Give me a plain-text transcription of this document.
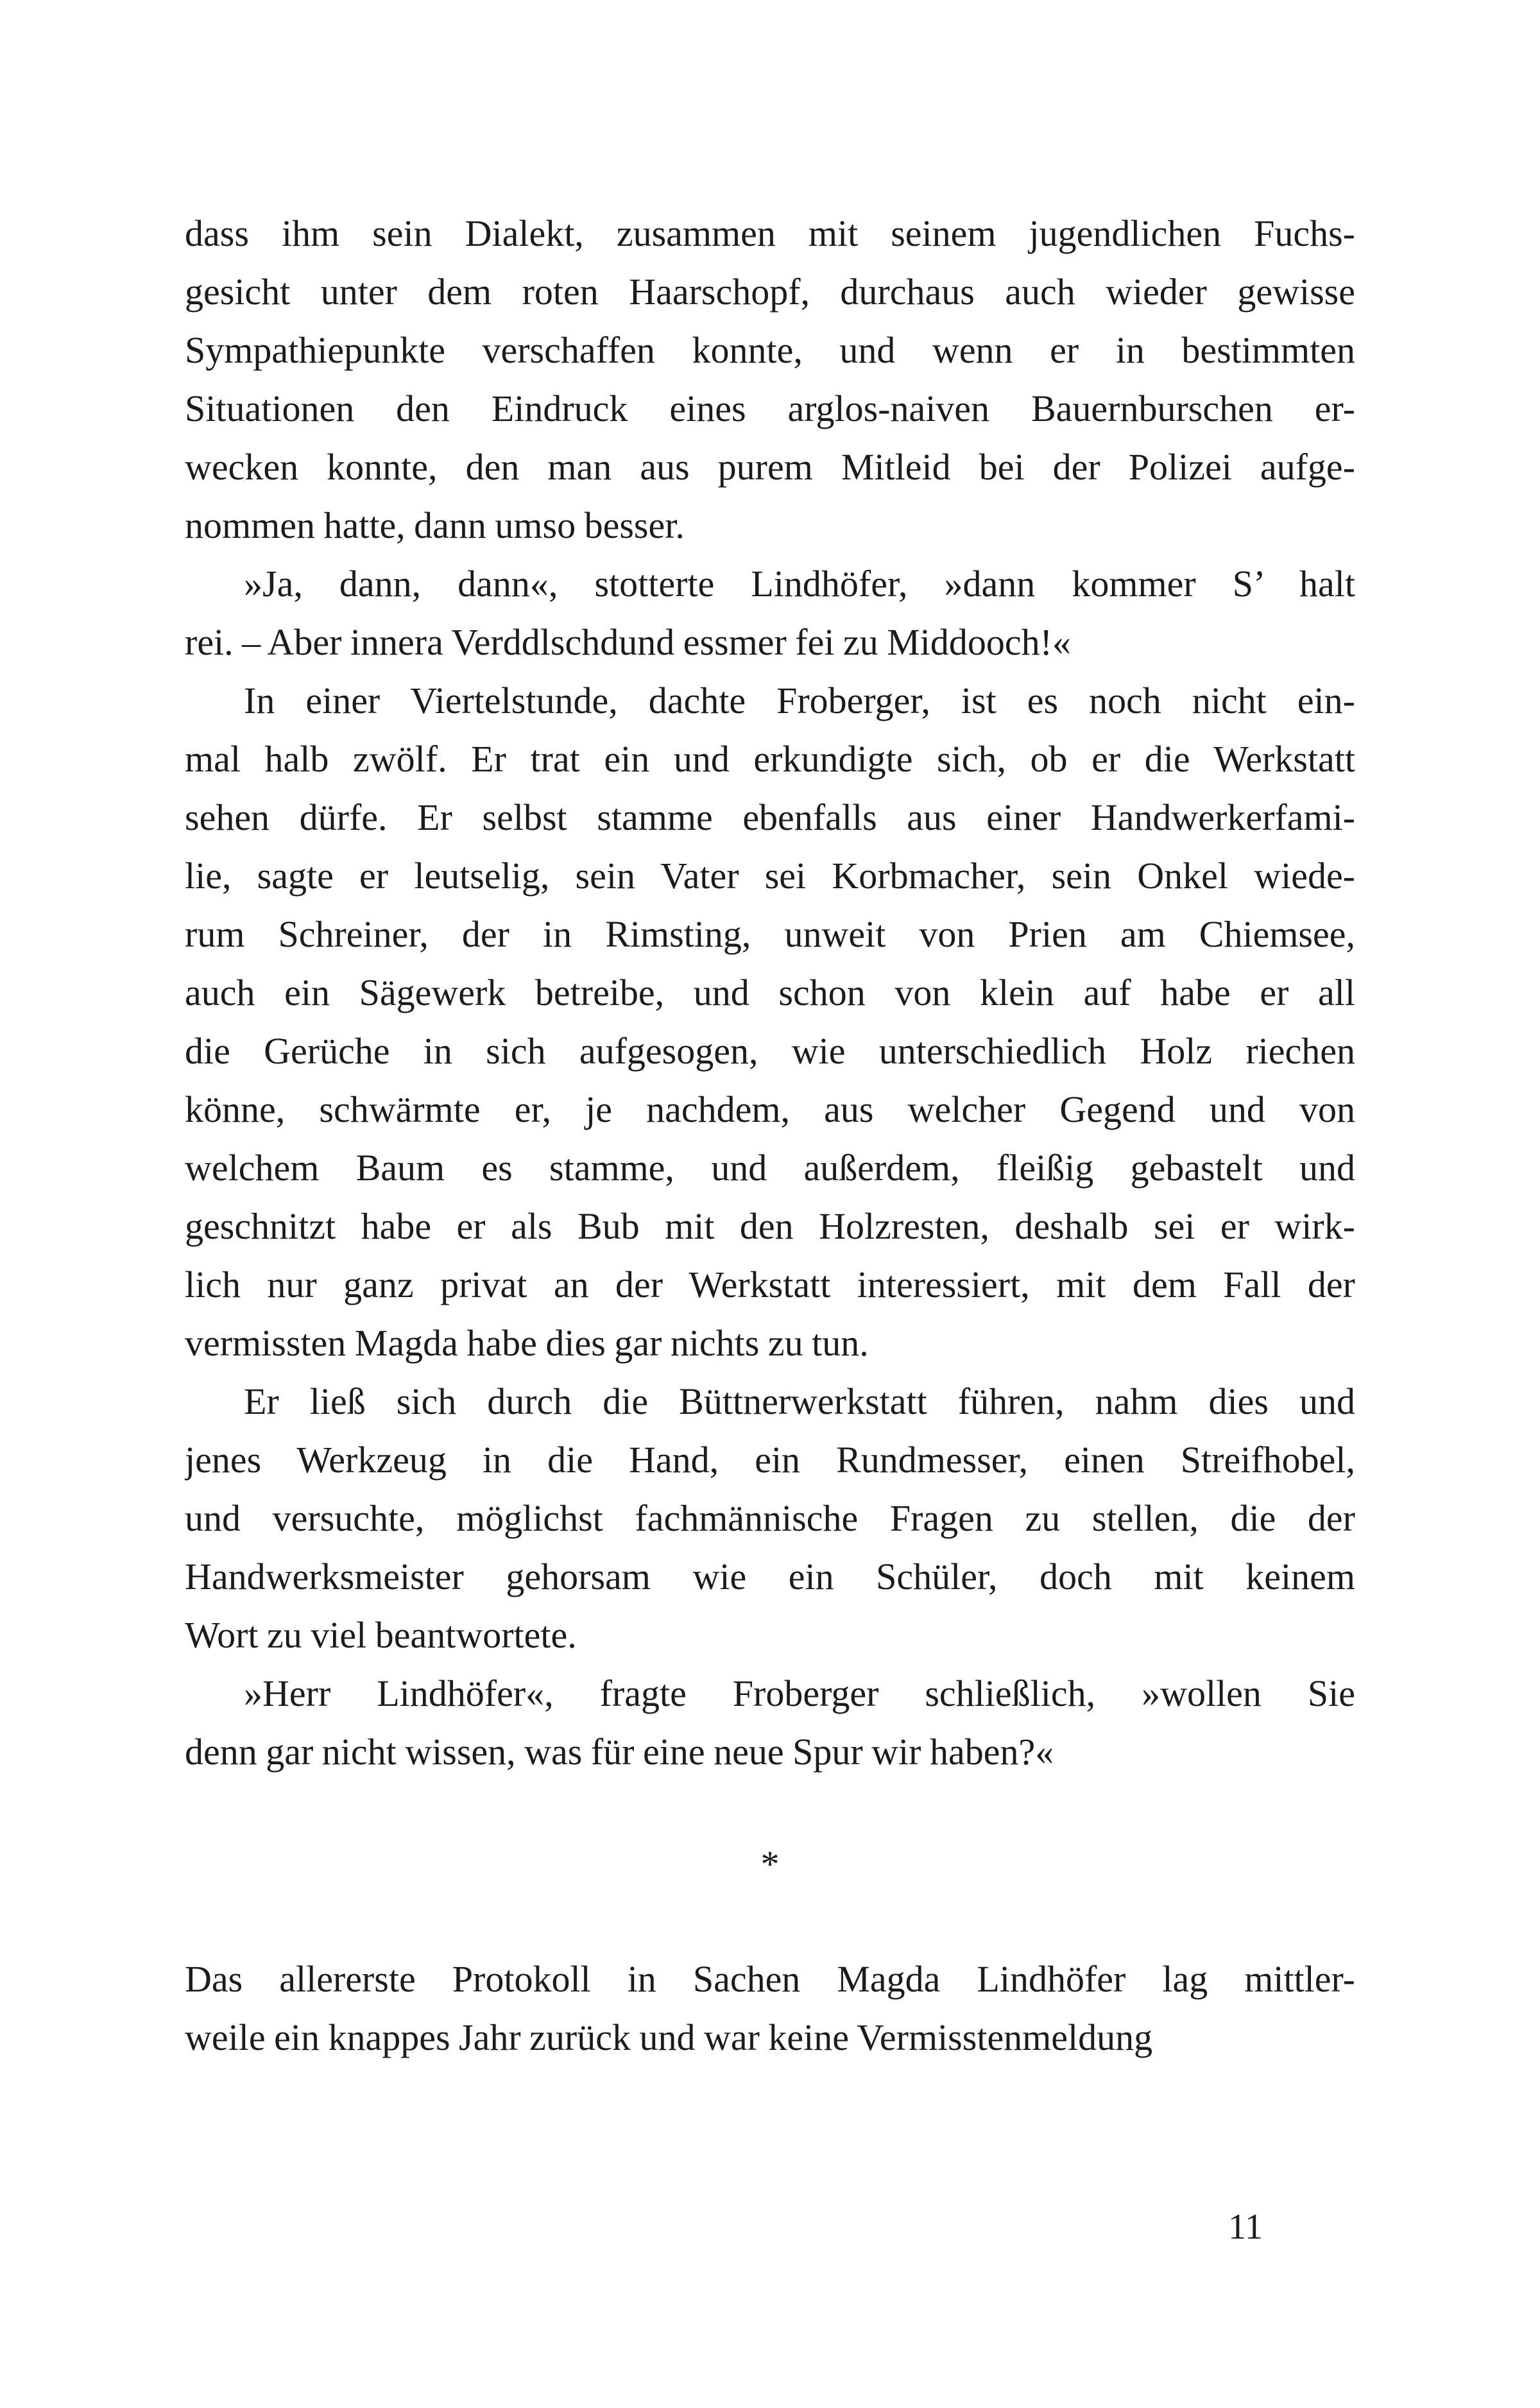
dass ihm sein Dialekt, zusammen mit seinem jugendlichen Fuchs-
gesicht unter dem roten Haarschopf, durchaus auch wieder gewisse
Sympathiepunkte verschaffen konnte, und wenn er in bestimmten
Situationen den Eindruck eines arglos-naiven Bauernburschen er-
wecken konnte, den man aus purem Mitleid bei der Polizei aufge-
nommen hatte, dann umso besser.
»Ja, dann, dann«, stotterte Lindhöfer, »dann kommer S’ halt
rei. – Aber innera Verddlschdund essmer fei zu Middooch!«
In einer Viertelstunde, dachte Froberger, ist es noch nicht ein-
mal halb zwölf. Er trat ein und erkundigte sich, ob er die Werkstatt
sehen dürfe. Er selbst stamme ebenfalls aus einer Handwerkerfami-
lie, sagte er leutselig, sein Vater sei Korbmacher, sein Onkel wiede-
rum Schreiner, der in Rimsting, unweit von Prien am Chiemsee,
auch ein Sägewerk betreibe, und schon von klein auf habe er all
die Gerüche in sich aufgesogen, wie unterschiedlich Holz riechen
könne, schwärmte er, je nachdem, aus welcher Gegend und von
welchem Baum es stamme, und außerdem, fleißig gebastelt und
geschnitzt habe er als Bub mit den Holzresten, deshalb sei er wirk-
lich nur ganz privat an der Werkstatt interessiert, mit dem Fall der
vermissten Magda habe dies gar nichts zu tun.
Er ließ sich durch die Büttnerwerkstatt führen, nahm dies und
jenes Werkzeug in die Hand, ein Rundmesser, einen Streifhobel,
und versuchte, möglichst fachmännische Fragen zu stellen, die der
Handwerksmeister gehorsam wie ein Schüler, doch mit keinem
Wort zu viel beantwortete.
»Herr Lindhöfer«, fragte Froberger schließlich, »wollen Sie
denn gar nicht wissen, was für eine neue Spur wir haben?«
*
Das allererste Protokoll in Sachen Magda Lindhöfer lag mittler-
weile ein knappes Jahr zurück und war keine Vermisstenmeldung
11
